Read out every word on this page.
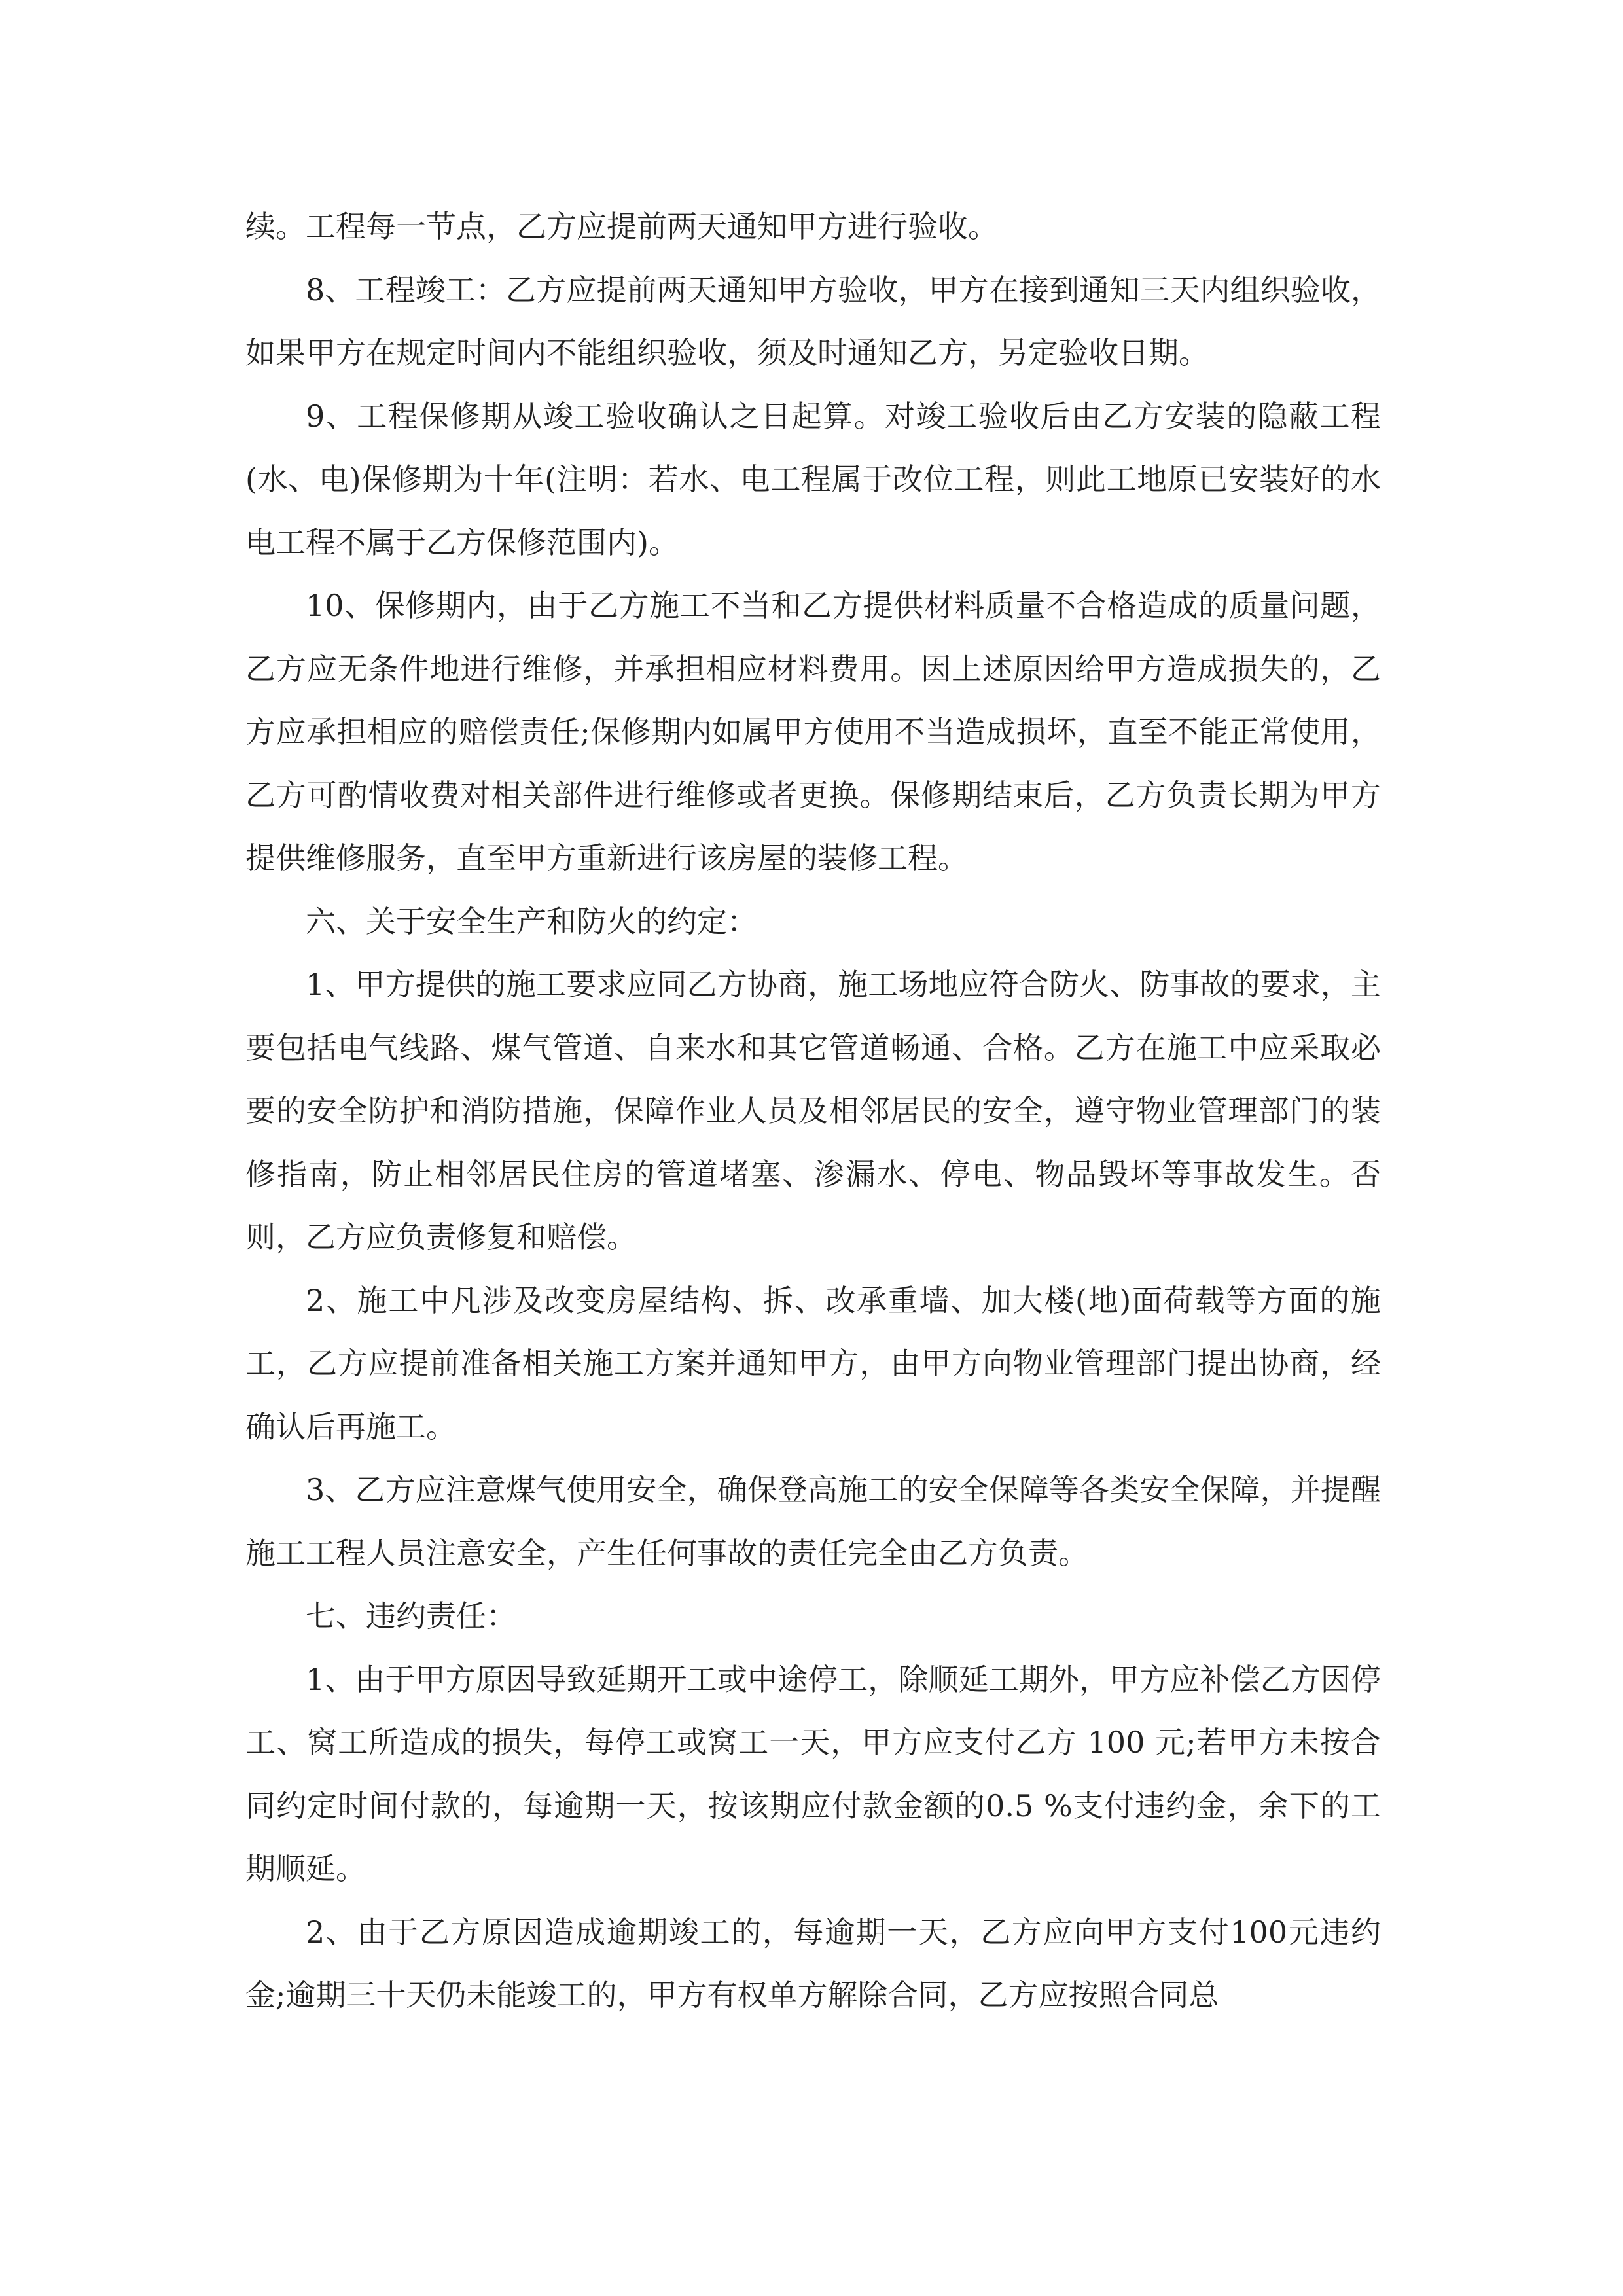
续。工程每一节点，乙方应提前两天通知甲方进行验收。

8、工程竣工：乙方应提前两天通知甲方验收，甲方在接到通知三天内组织验收，如果甲方在规定时间内不能组织验收，须及时通知乙方，另定验收日期。

9、工程保修期从竣工验收确认之日起算。对竣工验收后由乙方安装的隐蔽工程(水、电)保修期为十年(注明：若水、电工程属于改位工程，则此工地原已安装好的水电工程不属于乙方保修范围内)。

10、保修期内，由于乙方施工不当和乙方提供材料质量不合格造成的质量问题，乙方应无条件地进行维修，并承担相应材料费用。因上述原因给甲方造成损失的，乙方应承担相应的赔偿责任;保修期内如属甲方使用不当造成损坏，直至不能正常使用，乙方可酌情收费对相关部件进行维修或者更换。保修期结束后，乙方负责长期为甲方提供维修服务，直至甲方重新进行该房屋的装修工程。

六、关于安全生产和防火的约定：

1、甲方提供的施工要求应同乙方协商，施工场地应符合防火、防事故的要求，主要包括电气线路、煤气管道、自来水和其它管道畅通、合格。乙方在施工中应采取必要的安全防护和消防措施，保障作业人员及相邻居民的安全，遵守物业管理部门的装修指南，防止相邻居民住房的管道堵塞、渗漏水、停电、物品毁坏等事故发生。否则，乙方应负责修复和赔偿。

2、施工中凡涉及改变房屋结构、拆、改承重墙、加大楼(地)面荷载等方面的施工，乙方应提前准备相关施工方案并通知甲方，由甲方向物业管理部门提出协商，经确认后再施工。

3、乙方应注意煤气使用安全，确保登高施工的安全保障等各类安全保障，并提醒施工工程人员注意安全，产生任何事故的责任完全由乙方负责。

七、违约责任：

1、由于甲方原因导致延期开工或中途停工，除顺延工期外，甲方应补偿乙方因停工、窝工所造成的损失，每停工或窝工一天，甲方应支付乙方 100 元;若甲方未按合同约定时间付款的，每逾期一天，按该期应付款金额的0.5 %支付违约金，余下的工期顺延。

2、由于乙方原因造成逾期竣工的，每逾期一天，乙方应向甲方支付100元违约金;逾期三十天仍未能竣工的，甲方有权单方解除合同，乙方应按照合同总
